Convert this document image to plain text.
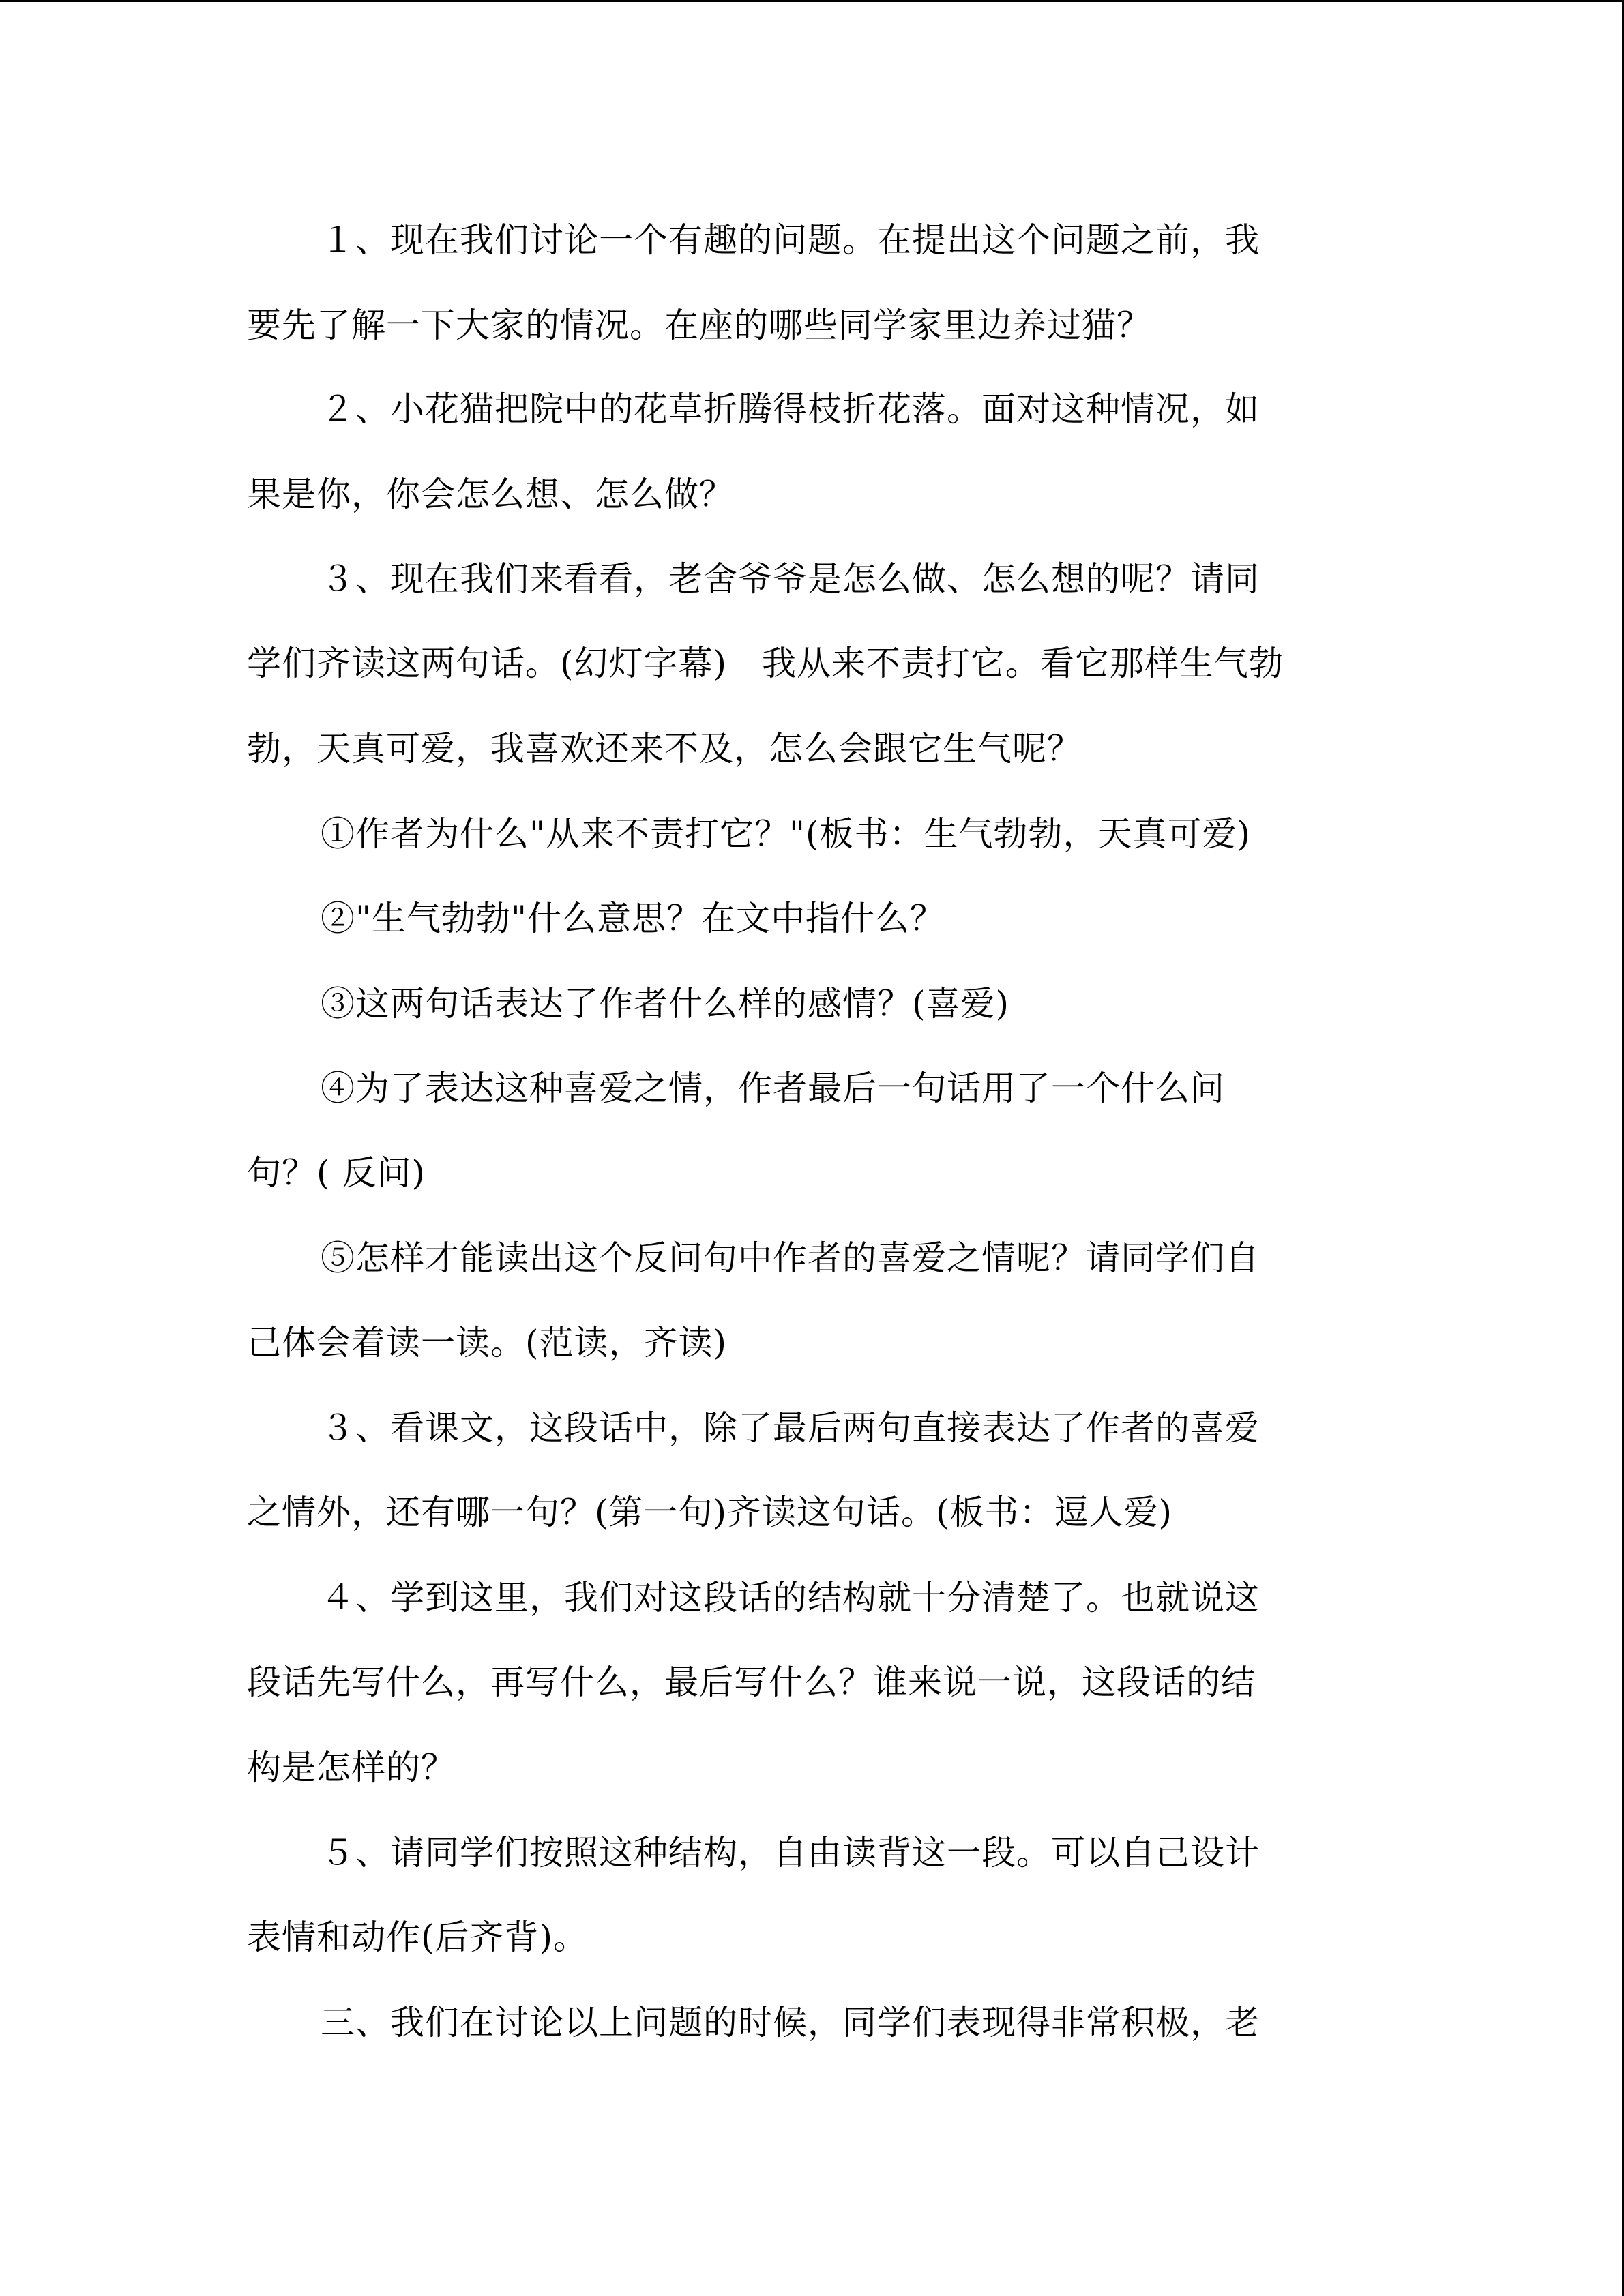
１、现在我们讨论一个有趣的问题。在提出这个问题之前，我
要先了解一下大家的情况。在座的哪些同学家里边养过猫？
２、小花猫把院中的花草折腾得枝折花落。面对这种情况，如
果是你，你会怎么想、怎么做？
３、现在我们来看看，老舍爷爷是怎么做、怎么想的呢？请同
学们齐读这两句话。(幻灯字幕)　我从来不责打它。看它那样生气勃
勃，天真可爱，我喜欢还来不及，怎么会跟它生气呢？
①作者为什么"从来不责打它？"(板书：生气勃勃，天真可爱)
②"生气勃勃"什么意思？在文中指什么？
③这两句话表达了作者什么样的感情？(喜爱)
④为了表达这种喜爱之情，作者最后一句话用了一个什么问
句？( 反问)
⑤怎样才能读出这个反问句中作者的喜爱之情呢？请同学们自
己体会着读一读。(范读，齐读)
３、看课文，这段话中，除了最后两句直接表达了作者的喜爱
之情外，还有哪一句？(第一句)齐读这句话。(板书：逗人爱)
４、学到这里，我们对这段话的结构就十分清楚了。也就说这
段话先写什么，再写什么，最后写什么？谁来说一说，这段话的结
构是怎样的？
５、请同学们按照这种结构，自由读背这一段。可以自己设计
表情和动作(后齐背)。
三、我们在讨论以上问题的时候，同学们表现得非常积极，老
